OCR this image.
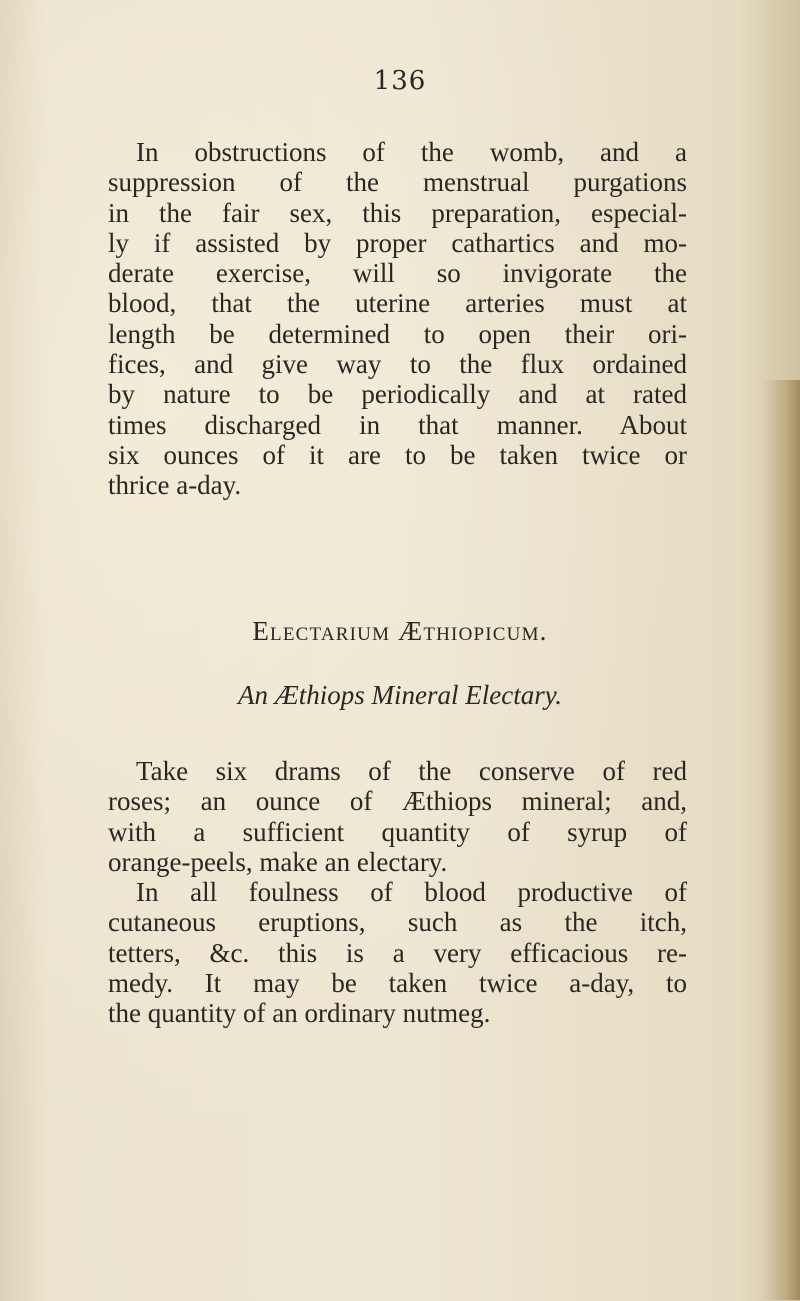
136

In obstructions of the womb, and a
suppression of the menstrual purgations
in the fair sex, this preparation, especial-
ly if assisted by proper cathartics and mo-
derate exercise, will so invigorate the
blood, that the uterine arteries must at
length be determined to open their ori-
fices, and give way to the flux ordained
by nature to be periodically and at rated
times discharged in that manner. About
six ounces of it are to be taken twice or
thrice a-day.

Electarium Æthiopicum.
An Æthiops Mineral Electary.

Take six drams of the conserve of red
roses; an ounce of Æthiops mineral; and,
with a sufficient quantity of syrup of
orange-peels, make an electary.

In all foulness of blood productive of
cutaneous eruptions, such as the itch,
tetters, &c. this is a very efficacious re-
medy. It may be taken twice a-day, to
the quantity of an ordinary nutmeg.
